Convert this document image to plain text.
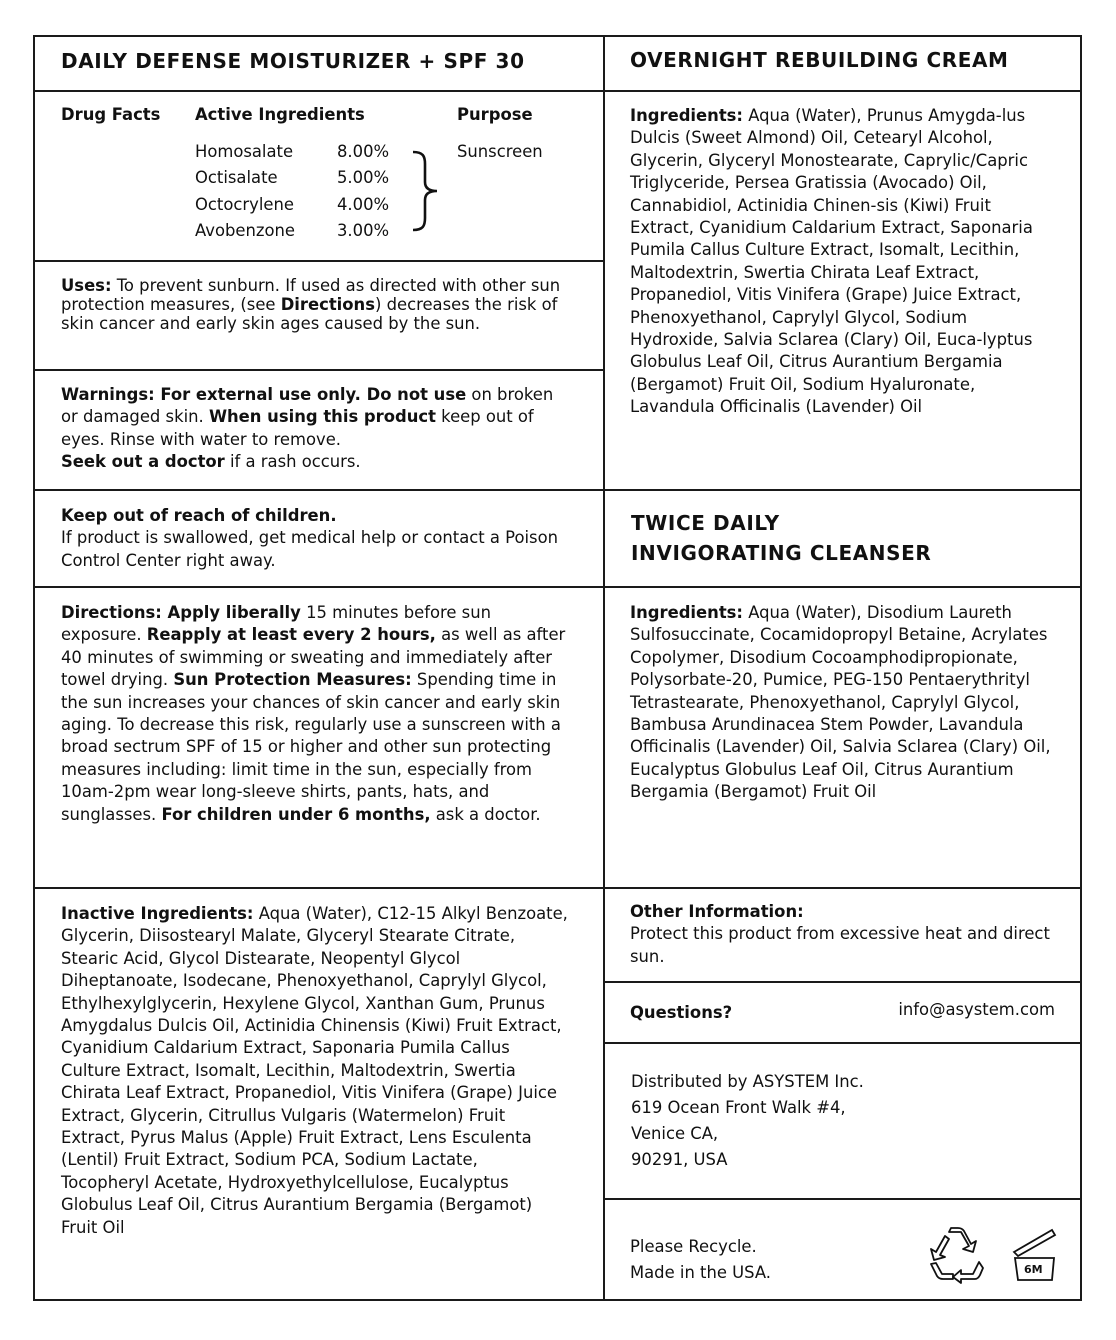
DAILY DEFENSE MOISTURIZER + SPF 30
Drug Facts Active Ingredients	Purpose
Homosalate	8.00%
Octisalate	5.00%
Octocrylene	4.00%
Avobenzone	3.00%
Sunscreen

Uses: To prevent sunburn. If used as directed with other sun protection measures, (see Directions) decreases the risk of skin cancer and early skin ages caused by the sun.

Warnings: For external use only. Do not use on broken or damaged skin. When using this product keep out of eyes. Rinse with water to remove.
Seek out a doctor if a rash occurs.

Keep out of reach of children.

If product is swallowed, get medical help or contact a Poison Control Center right away.

Directions: Apply liberally 15 minutes before sun exposure. Reapply at least every 2 hours, as well as after 40 minutes of swimming or sweating and immediately after towel drying. Sun Protection Measures: Spending time in the sun increases your chances of skin cancer and early skin aging. To decrease this risk, regularly use a sunscreen with a broad sectrum SPF of 15 or higher and other sun protecting measures including: limit time in the sun, especially from 10am-2pm wear long-sleeve shirts, pants, hats, and sunglasses. For children under 6 months, ask a doctor.

Inactive Ingredients: Aqua (Water), C12-15 Alkyl Benzoate, Glycerin, Diisostearyl Malate, Glyceryl Stearate Citrate, Stearic Acid, Glycol Distearate, Neopentyl Glycol Diheptanoate, Isodecane, Phenoxyethanol, Caprylyl Glycol, Ethylhexylglycerin, Hexylene Glycol, Xanthan Gum, Prunus Amygdalus Dulcis Oil, Actinidia Chinensis (Kiwi) Fruit Extract, Cyanidium Caldarium Extract, Saponaria Pumila Callus Culture Extract, Isomalt, Lecithin, Maltodextrin, Swertia Chirata Leaf Extract, Propanediol, Vitis Vinifera (Grape) Juice Extract, Glycerin, Citrullus Vulgaris (Watermelon) Fruit Extract, Pyrus Malus (Apple) Fruit Extract, Lens Esculenta (Lentil) Fruit Extract, Sodium PCA, Sodium Lactate, Tocopheryl Acetate, Hydroxyethylcellulose, Eucalyptus Globulus Leaf Oil, Citrus Aurantium Bergamia (Bergamot) Fruit Oil

OVERNIGHT REBUILDING CREAM

Ingredients: Aqua (Water), Prunus Amygda-lus Dulcis (Sweet Almond) Oil, Cetearyl Alcohol, Glycerin, Glyceryl Monostearate, Caprylic/Capric Triglyceride, Persea Gratissia (Avocado) Oil, Cannabidiol, Actinidia Chinen-sis (Kiwi) Fruit Extract, Cyanidium Caldarium Extract, Saponaria Pumila Callus Culture Extract, Isomalt, Lecithin, Maltodextrin, Swertia Chirata Leaf Extract, Propanediol, Vitis Vinifera (Grape) Juice Extract, Phenoxyethanol, Caprylyl Glycol, Sodium Hydroxide, Salvia Sclarea (Clary) Oil, Euca-lyptus Globulus Leaf Oil, Citrus Aurantium Bergamia (Bergamot) Fruit Oil, Sodium Hyaluronate,

Lavandula Officinalis (Lavender) Oil

TWICE DAILY
INVIGORATING CLEANSER

Ingredients: Aqua (Water), Disodium Laureth Sulfosuccinate, Cocamidopropyl Betaine, Acrylates Copolymer, Disodium Cocoamphodipropionate, Polysorbate-20, Pumice, PEG-150 Pentaerythrityl Tetrastearate, Phenoxyethanol, Caprylyl Glycol, Bambusa Arundinacea Stem Powder, Lavandula Officinalis (Lavender) Oil, Salvia Sclarea (Clary) Oil, Eucalyptus Globulus Leaf Oil, Citrus Aurantium Bergamia (Bergamot) Fruit Oil

Other Information:

Protect this product from excessive heat and direct sun.

Questions?	info@asystem.com
Distributed by ASYSTEM Inc.
619 Ocean Front Walk #4,
Venice CA,
90291, USA
Please Recycle.
Made in the USA.	6M
